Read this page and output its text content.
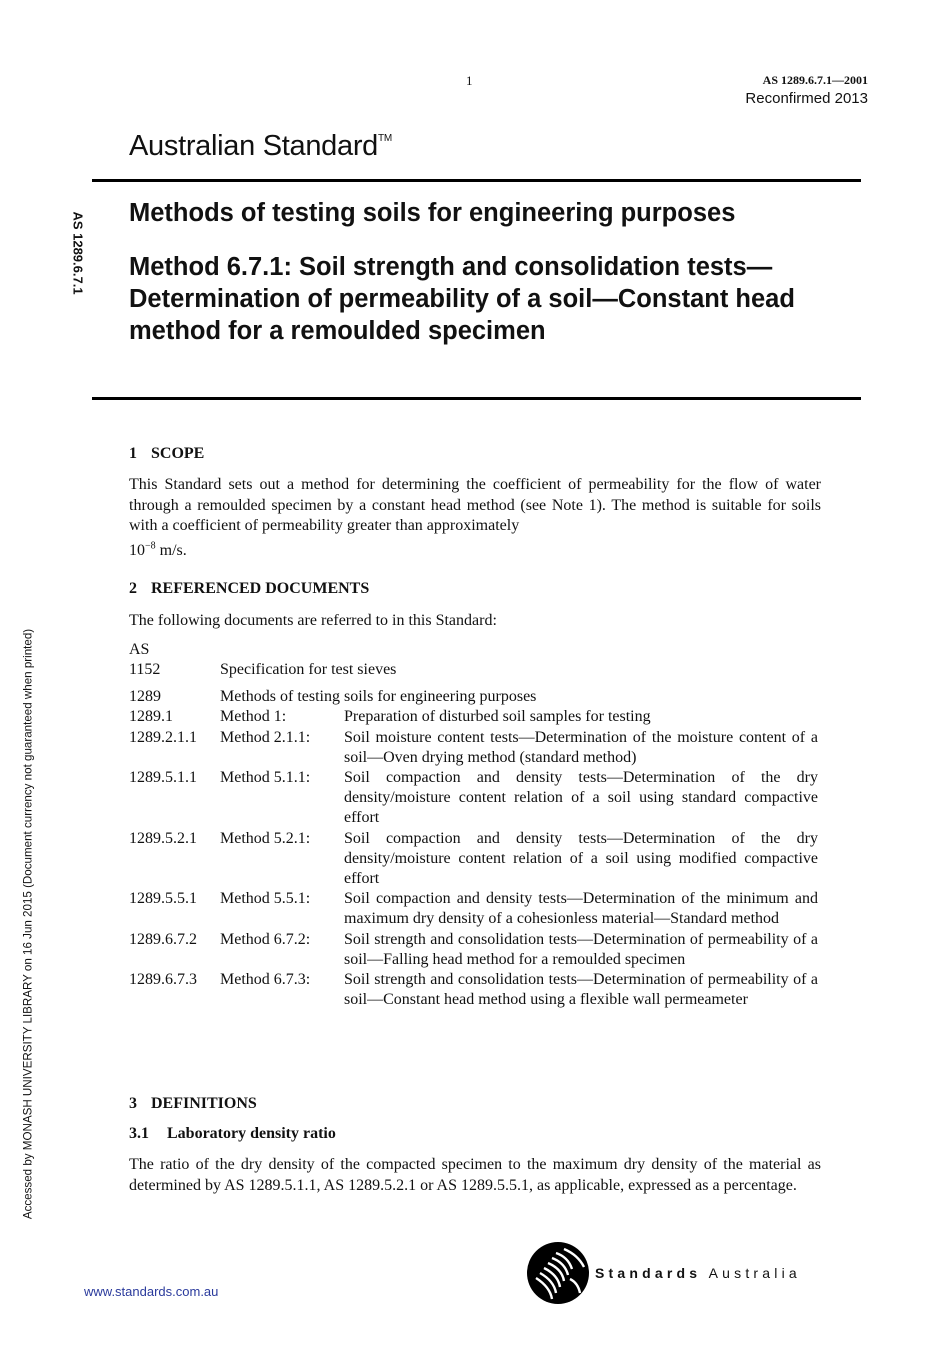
1	AS 1289.6.7.1—2001
Reconfirmed 2013
Australian Standard™
AS 1289.6.7.1
Accessed by MONASH UNIVERSITY LIBRARY on 16 Jun 2015 (Document currency not guaranteed when printed)
Methods of testing soils for engineering purposes
Method 6.7.1: Soil strength and consolidation tests—Determination of permeability of a soil—Constant head method for a remoulded specimen
1 SCOPE
This Standard sets out a method for determining the coefficient of permeability for the flow of water through a remoulded specimen by a constant head method (see Note 1). The method is suitable for soils with a coefficient of permeability greater than approximately
$10^{-8}$ m/s.
2 REFERENCED DOCUMENTS
The following documents are referred to in this Standard:
AS
1152	Specification for test sieves
1289	Methods of testing soils for engineering purposes
1289.1	Method 1:	Preparation of disturbed soil samples for testing
1289.2.1.1	Method 2.1.1:	Soil moisture content tests—Determination of the moisture content of a soil—Oven drying method (standard method)
1289.5.1.1	Method 5.1.1:	Soil compaction and density tests—Determination of the dry density/moisture content relation of a soil using standard compactive effort
1289.5.2.1	Method 5.2.1:	Soil compaction and density tests—Determination of the dry density/moisture content relation of a soil using modified compactive effort
1289.5.5.1	Method 5.5.1:	Soil compaction and density tests—Determination of the minimum and maximum dry density of a cohesionless material—Standard method
1289.6.7.2	Method 6.7.2:	Soil strength and consolidation tests—Determination of permeability of a soil—Falling head method for a remoulded specimen
1289.6.7.3	Method 6.7.3:	Soil strength and consolidation tests—Determination of permeability of a soil—Constant head method using a flexible wall permeameter
3 DEFINITIONS
3.1 Laboratory density ratio
The ratio of the dry density of the compacted specimen to the maximum dry density of the material as determined by AS 1289.5.1.1, AS 1289.5.2.1 or AS 1289.5.5.1, as applicable, expressed as a percentage.
www.standards.com.au
Standards Australia
